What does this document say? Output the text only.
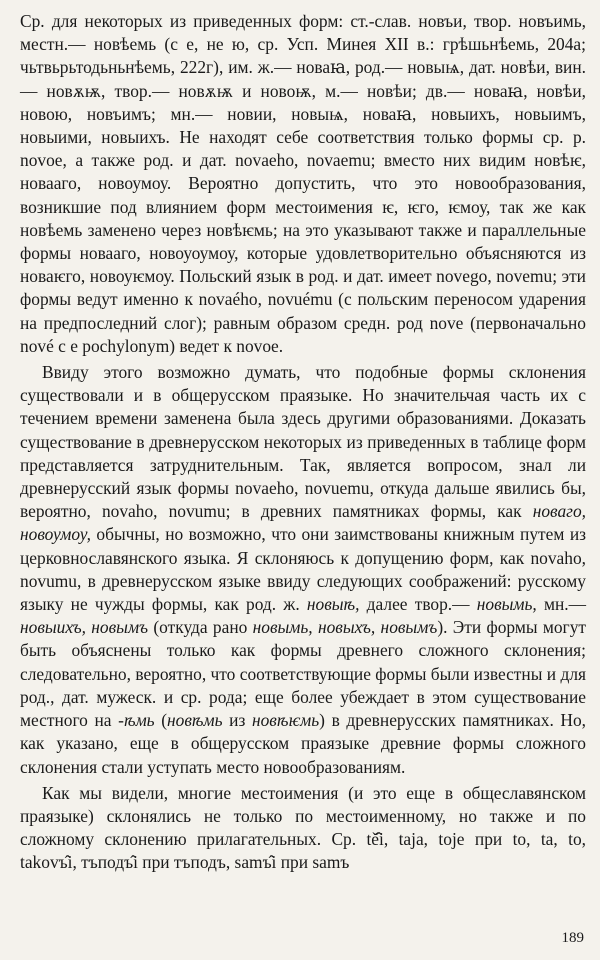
Ср. для некоторых из приведенных форм: ст.-слав. новъи, твор. новъимь, местн.— новѣемь (с е, не ю, ср. Усп. Минея XII в.: грѣшьнѣемь, 204а; чьтвьрьтодьньнѣемь, 222г), им. ж.— новаꙗ, род.— новыѩ, дат. новѣи, вин.— новѫѭ, твор.— новѫѭ и новоѭ, м.— новѣи; дв.— новаꙗ, новѣи, новою, новъимъ; мн.— новии, новыѩ, новаꙗ, новыихъ, новыимъ, новыими, новыихъ. Не находят себе соответствия только формы ср. р. novoe, а также род. и дат. novaeho, novaemu; вместо них видим новѣѥ, новааго, новоумоу. Вероятно допустить, что это новообразования, возникшие под влиянием форм местоимения ѥ, ѥго, ѥмоу, так же как новѣемь заменено через новѣѥмь; на это указывают также и параллельные формы новааго, новоуоумоу, которые удовлетворительно объясняются из новаѥго, новоуѥмоу. Польский язык в род. и дат. имеет novego, novemu; эти формы ведут именно к novaého, novuému (с польским переносом ударения на предпоследний слог); равным образом средн. род nove (первоначально nové с e pochylonym) ведет к novoe.

Ввиду этого возможно думать, что подобные формы склонения существовали и в общерусском праязыке. Но значительчая часть их с течением времени заменена была здесь другими образованиями. Доказать существование в древнерусском некоторых из приведенных в таблице форм представляется затруднительным. Так, является вопросом, знал ли древнерусский язык формы novaeho, novuemu, откуда дальше явились бы, вероятно, novaho, novumu; в древних памятниках формы, как новаго, новоумоу, обычны, но возможно, что они заимствованы книжным путем из церковнославянского языка. Я склоняюсь к допущению форм, как novaho, novumu, в древнерусском языке ввиду следующих соображений: русскому языку не чужды формы, как род. ж. новыѣ, далее твор.— новымь, мн.— новыихъ, новымъ (откуда рано новымь, новыхъ, новымъ). Эти формы могут быть объяснены только как формы древнего сложного склонения; следовательно, вероятно, что соответствующие формы были известны и для род., дат. мужеск. и ср. рода; еще более убеждает в этом существование местного на -ѣмь (новѣмь из новѣѥмь) в древнерусских памятниках. Но, как указано, еще в общерусском праязыке древние формы сложного склонения стали уступать место новообразованиям.

Как мы видели, многие местоимения (и это еще в общеславянском праязыке) склонялись не только по местоименному, но также и по сложному склонению прилагательных. Ср. tě̂i, taja, toje при to, ta, to, takovъ̂i, тъподъ̂i при тъподъ, samъ̂i при samъ

189
